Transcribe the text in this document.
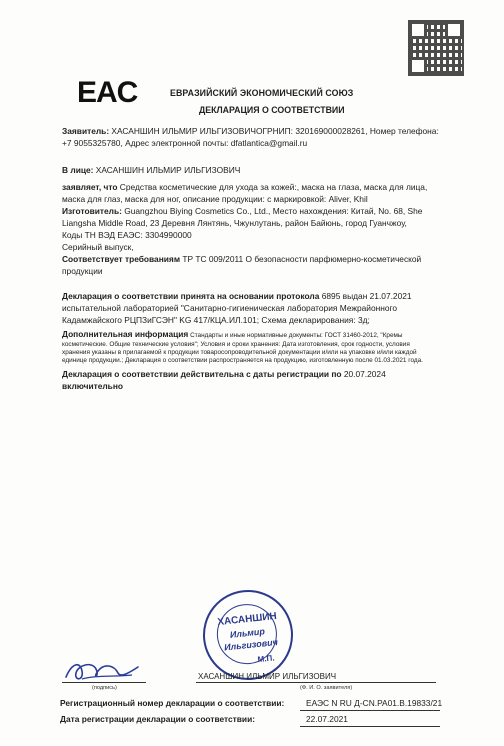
EAC	ЕВРАЗИЙСКИЙ ЭКОНОМИЧЕСКИЙ СОЮЗ
ДЕКЛАРАЦИЯ О СООТВЕТСТВИИ
Заявитель: ХАСАНШИН ИЛЬМИР ИЛЬГИЗОВИЧОГРНИП: 320169000028261, Номер телефона:
+7 9055325780, Адрес электронной почты: dfatlantica@gmail.ru
В лице: ХАСАНШИН ИЛЬМИР ИЛЬГИЗОВИЧ
заявляет, что Средства косметические для ухода за кожей:, маска на глаза, маска для лица,
маска для глаз, маска для ног, описание продукции: с маркировкой: Aliver, Khil
Изготовитель: Guangzhou Biying Cosmetics Co., Ltd., Место нахождения: Китай, No. 68, She
Liangsha Middle Road, 23 Деревня Лянтянь, Чжунлутань, район Байюнь, город Гуанчжоу,
Коды ТН ВЭД ЕАЭС: 3304990000
Серийный выпуск,
Соответствует требованиям ТР ТС 009/2011 О безопасности парфюмерно-косметической
продукции
Декларация о соответствии принята на основании протокола 6895 выдан 21.07.2021
испытательной лабораторией "Санитарно-гигиеническая лаборатория Межрайонного
Кадамжайского РЦПЗиГСЭН" KG 417/КЦА.ИЛ.101; Схема декларирования: 3д;
Дополнительная информация Стандарты и иные нормативные документы: ГОСТ 31460-2012, "Кремы
косметические. Общие технические условия"; Условия и сроки хранения: Дата изготовления, срок годности, условия
хранения указаны в прилагаемой к продукции товаросопроводительной документации и/или на упаковке и/или каждой
единице продукции.; Декларация о соответствии распространяется на продукцию, изготовленную после 01.03.2021 года.
Декларация о соответствии действительна с даты регистрации по 20.07.2024
включительно
ХАСАНШИН
Ильмир
Ильгизович
М.П.
(подпись)
ХАСАНШИН ИЛЬМИР ИЛЬГИЗОВИЧ
(Ф. И. О. заявителя)
Регистрационный номер декларации о соответствии:	ЕАЭС N RU Д-CN.PA01.B.19833/21
Дата регистрации декларации о соответствии:	22.07.2021
